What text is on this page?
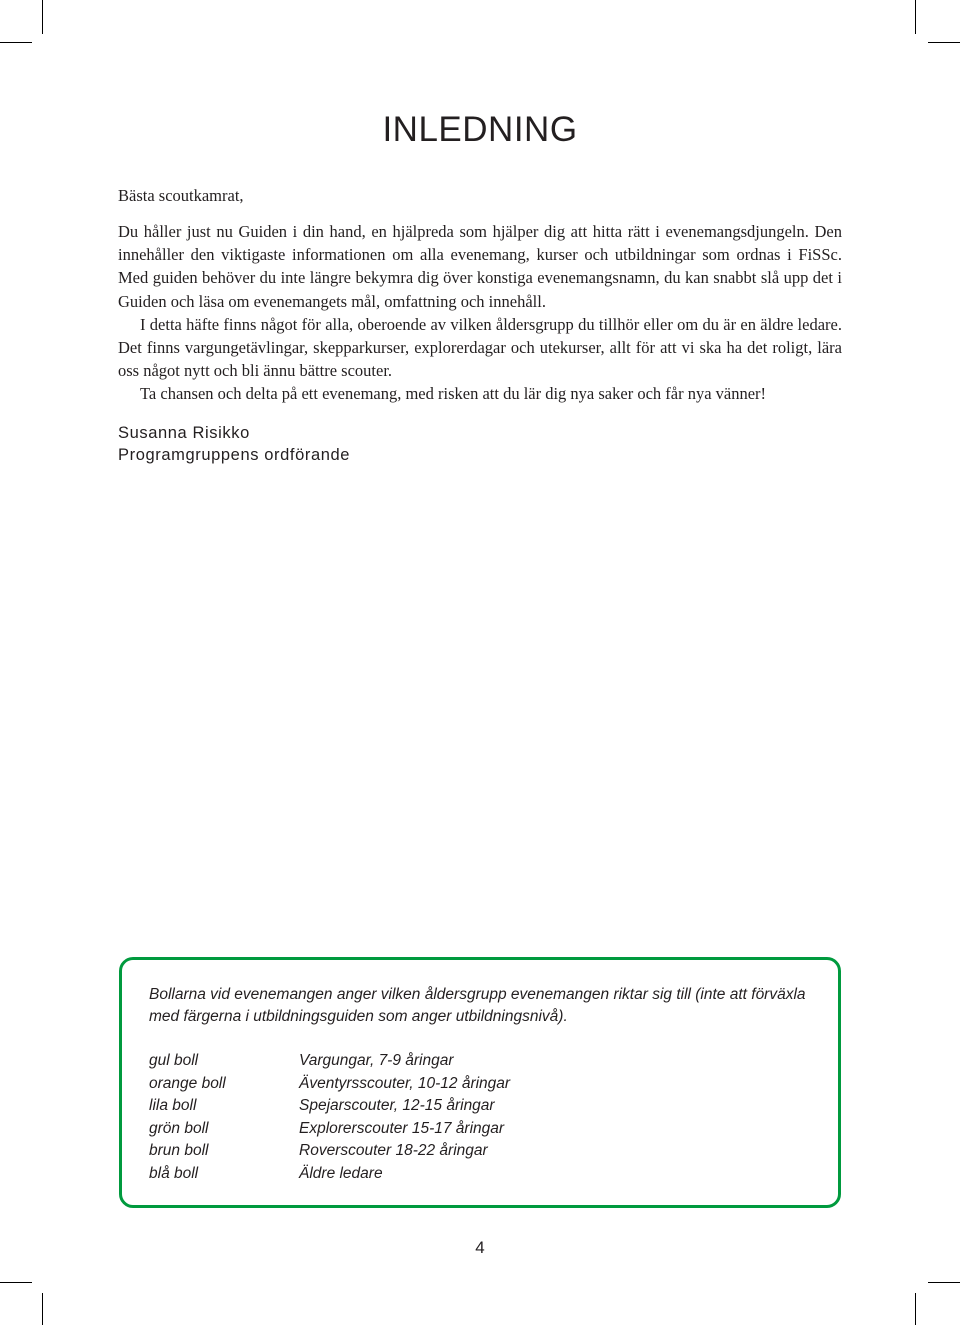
INLEDNING
Bästa scoutkamrat,

Du håller just nu Guiden i din hand, en hjälpreda som hjälper dig att hitta rätt i evenemangsdjungeln. Den innehåller den viktigaste informationen om alla evenemang, kurser och utbildningar som ordnas i FiSSc. Med guiden behöver du inte längre bekymra dig över konstiga evenemangsnamn, du kan snabbt slå upp det i Guiden och läsa om evenemangets mål, omfattning och innehåll.

I detta häfte finns något för alla, oberoende av vilken åldersgrupp du tillhör eller om du är en äldre ledare. Det finns vargungetävlingar, skepparkurser, explorerdagar och utekurser, allt för att vi ska ha det roligt, lära oss något nytt och bli ännu bättre scouter.

Ta chansen och delta på ett evenemang, med risken att du lär dig nya saker och får nya vänner!

Susanna Risikko
Programgruppens ordförande

Bollarna vid evenemangen anger vilken åldersgrupp evenemangen riktar sig till (inte att förväxla med färgerna i utbildningsguiden som anger utbildningsnivå).

gul boll	Vargungar, 7-9 åringar
orange boll	Äventyrsscouter, 10-12 åringar
lila boll	Spejarscouter, 12-15 åringar
grön boll	Explorerscouter 15-17 åringar
brun boll	Roverscouter 18-22 åringar
blå boll	Äldre ledare
4
